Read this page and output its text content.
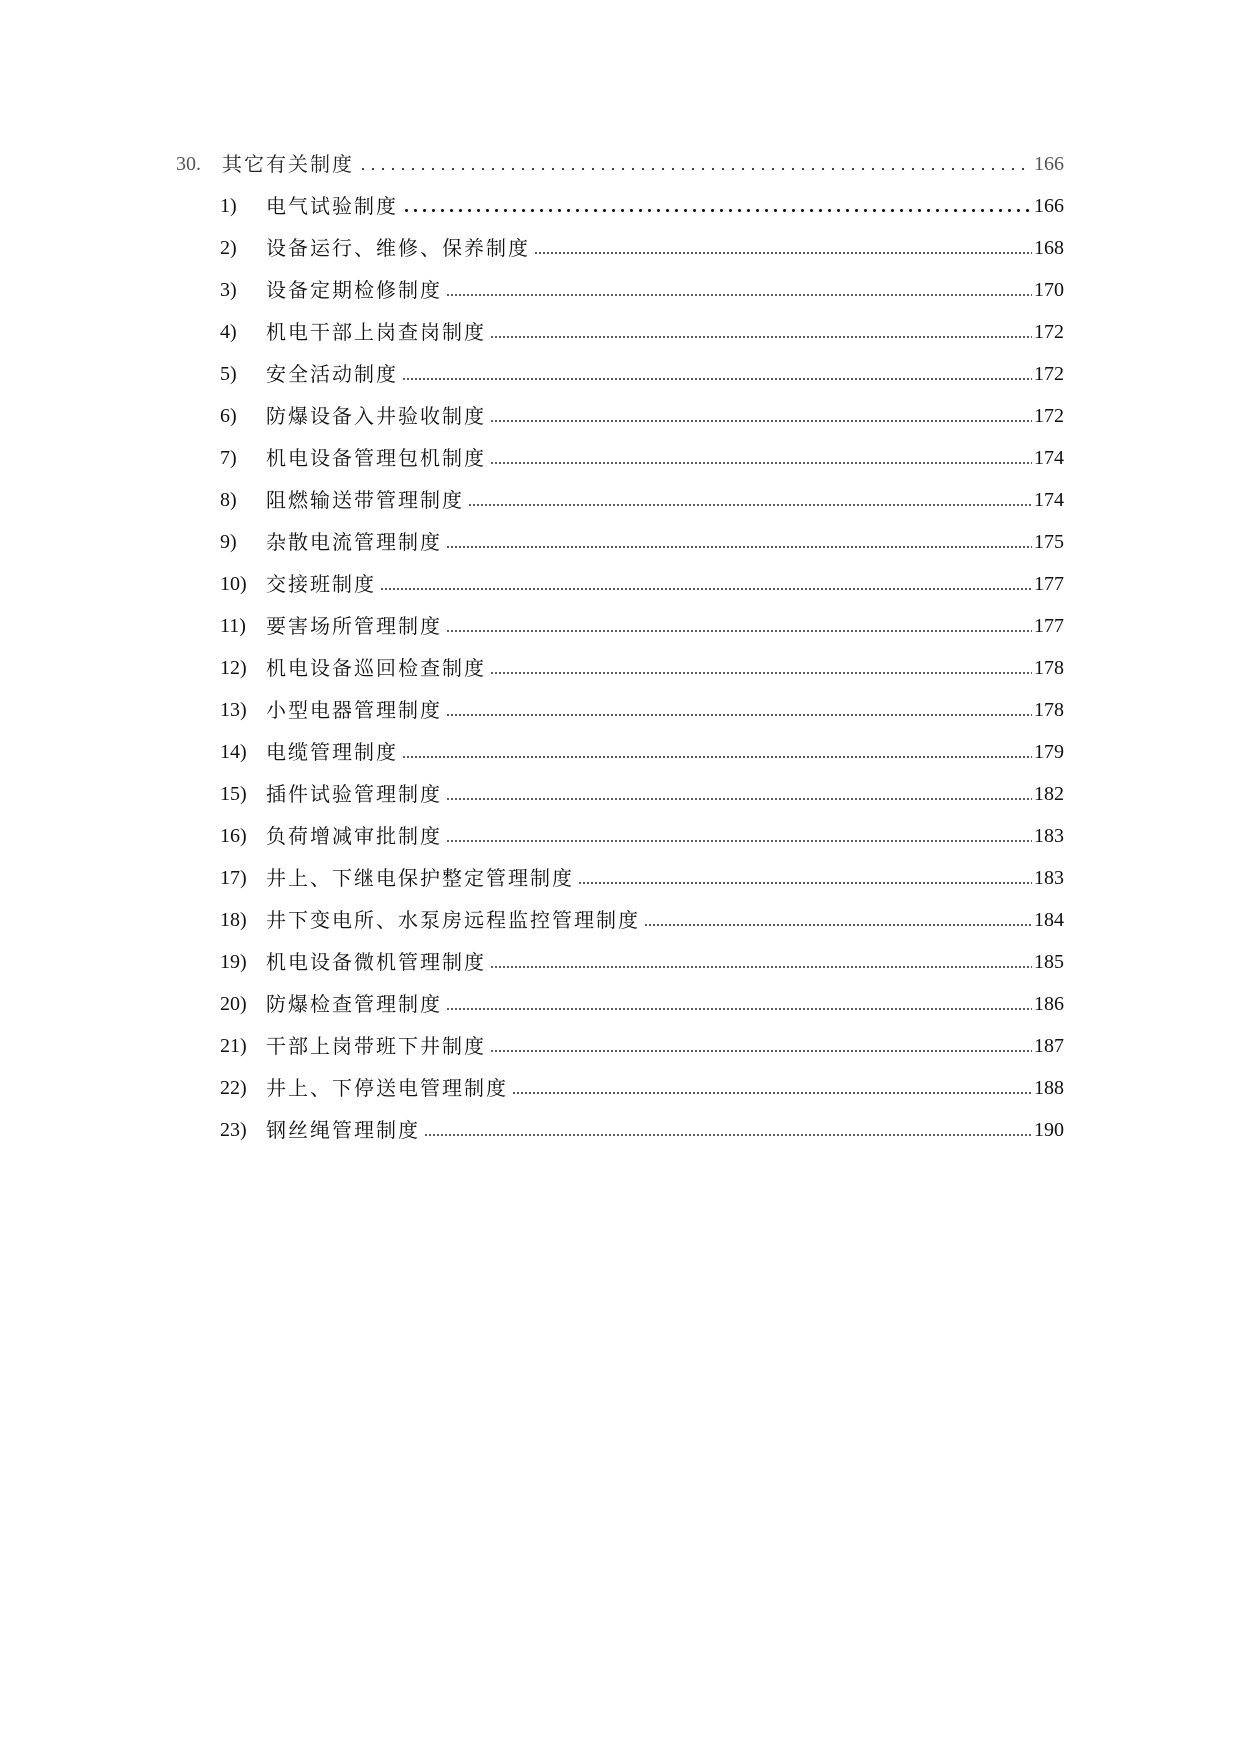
30.	其它有关制度	166
1)	电气试验制度	166
2)	设备运行、维修、保养制度	168
3)	设备定期检修制度	170
4)	机电干部上岗查岗制度	172
5)	安全活动制度	172
6)	防爆设备入井验收制度	172
7)	机电设备管理包机制度	174
8)	阻燃输送带管理制度	174
9)	杂散电流管理制度	175
10) 交接班制度	177
11)	要害场所管理制度	177
12) 机电设备巡回检查制度	178
13) 小型电器管理制度	178
14) 电缆管理制度	179
15) 插件试验管理制度	182
16) 负荷增减审批制度	183
17) 井上、下继电保护整定管理制度	183
18) 井下变电所、水泵房远程监控管理制度	184
19) 机电设备微机管理制度	185
20) 防爆检查管理制度	186
21) 干部上岗带班下井制度	187
22) 井上、下停送电管理制度	188
23) 钢丝绳管理制度	190
